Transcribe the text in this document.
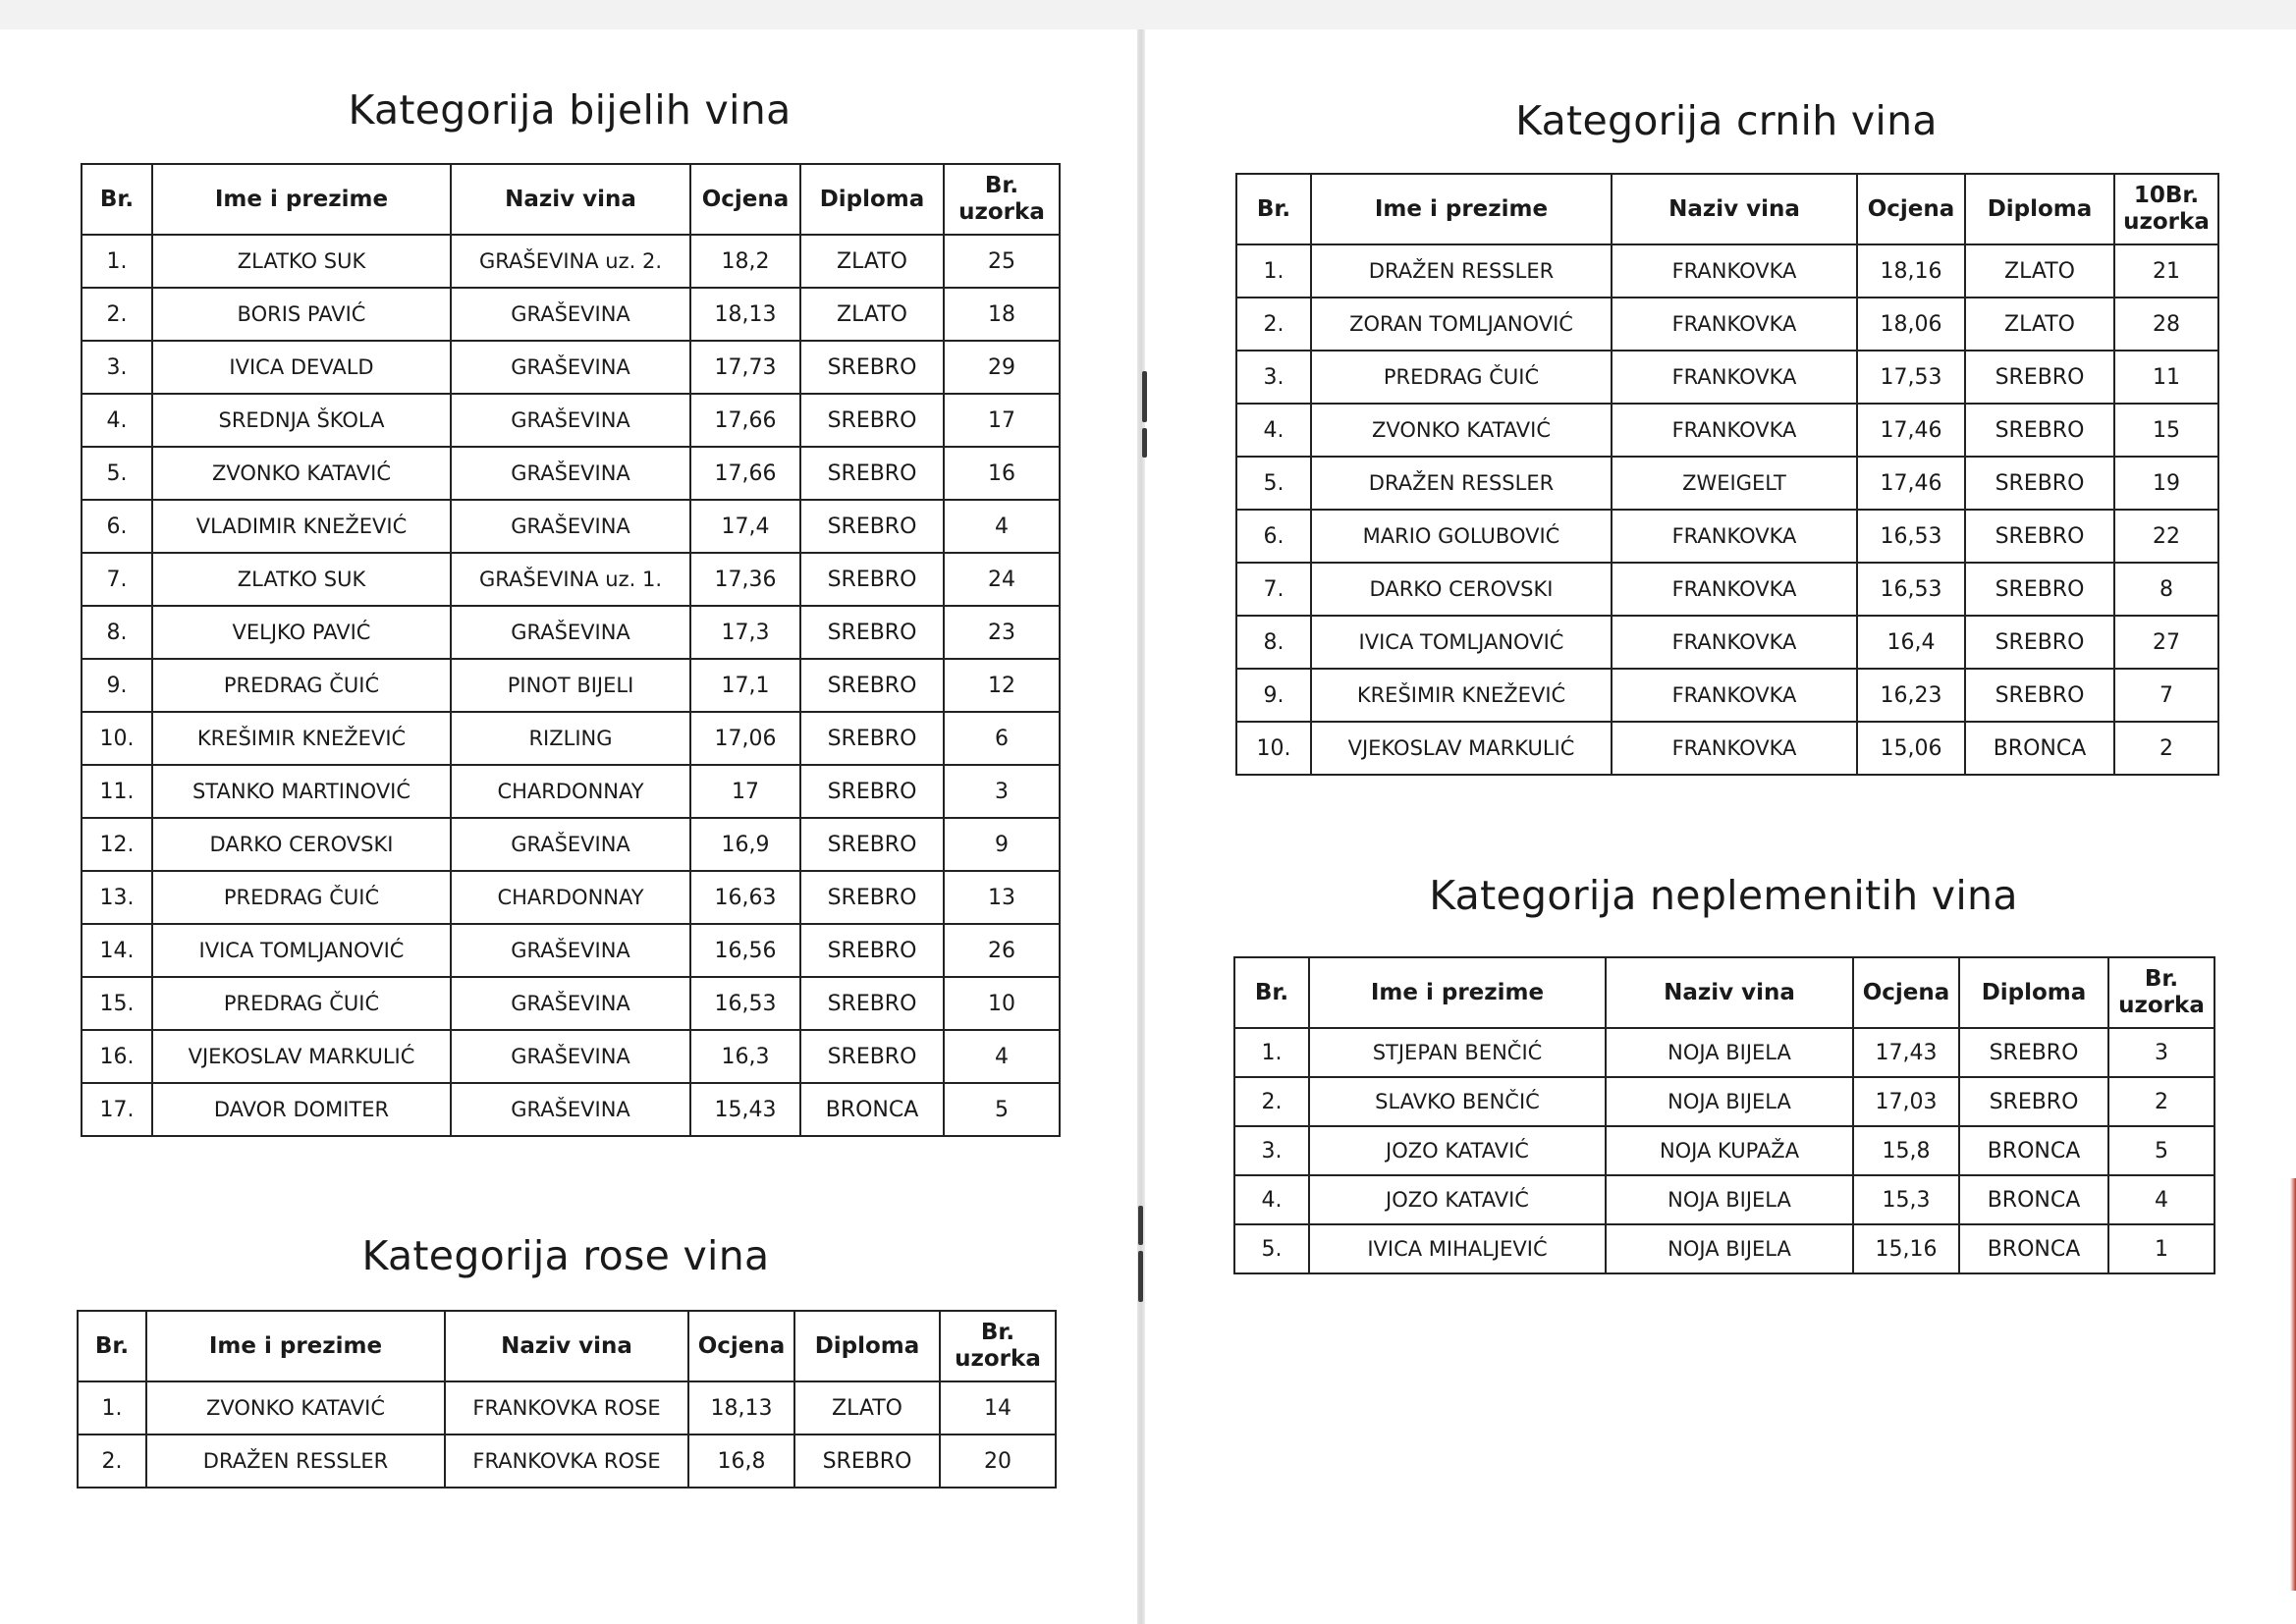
Kategorija bijelih vina
Br.	Ime i prezime	Naziv vina	Ocjena	Diploma	Br. uzorka
1.	ZLATKO SUK	GRAŠEVINA uz. 2.	18,2	ZLATO	25
2.	BORIS PAVIĆ	GRAŠEVINA	18,13	ZLATO	18
3.	IVICA DEVALD	GRAŠEVINA	17,73	SREBRO	29
4.	SREDNJA ŠKOLA	GRAŠEVINA	17,66	SREBRO	17
5.	ZVONKO KATAVIĆ	GRAŠEVINA	17,66	SREBRO	16
6.	VLADIMIR KNEŽEVIĆ	GRAŠEVINA	17,4	SREBRO	4
7.	ZLATKO SUK	GRAŠEVINA uz. 1.	17,36	SREBRO	24
8.	VELJKO PAVIĆ	GRAŠEVINA	17,3	SREBRO	23
9.	PREDRAG ČUIĆ	PINOT BIJELI	17,1	SREBRO	12
10.	KREŠIMIR KNEŽEVIĆ	RIZLING	17,06	SREBRO	6
11.	STANKO MARTINOVIĆ	CHARDONNAY	17	SREBRO	3
12.	DARKO CEROVSKI	GRAŠEVINA	16,9	SREBRO	9
13.	PREDRAG ČUIĆ	CHARDONNAY	16,63	SREBRO	13
14.	IVICA TOMLJANOVIĆ	GRAŠEVINA	16,56	SREBRO	26
15.	PREDRAG ČUIĆ	GRAŠEVINA	16,53	SREBRO	10
16.	VJEKOSLAV MARKULIĆ	GRAŠEVINA	16,3	SREBRO	4
17.	DAVOR DOMITER	GRAŠEVINA	15,43	BRONCA	5
Kategorija rose vina
Br.	Ime i prezime	Naziv vina	Ocjena	Diploma	Br. uzorka
1.	ZVONKO KATAVIĆ	FRANKOVKA ROSE	18,13	ZLATO	14
2.	DRAŽEN RESSLER	FRANKOVKA ROSE	16,8	SREBRO	20
Kategorija crnih vina
Br.	Ime i prezime	Naziv vina	Ocjena	Diploma	10Br. uzorka
1.	DRAŽEN RESSLER	FRANKOVKA	18,16	ZLATO	21
2.	ZORAN TOMLJANOVIĆ	FRANKOVKA	18,06	ZLATO	28
3.	PREDRAG ČUIĆ	FRANKOVKA	17,53	SREBRO	11
4.	ZVONKO KATAVIĆ	FRANKOVKA	17,46	SREBRO	15
5.	DRAŽEN RESSLER	ZWEIGELT	17,46	SREBRO	19
6.	MARIO GOLUBOVIĆ	FRANKOVKA	16,53	SREBRO	22
7.	DARKO CEROVSKI	FRANKOVKA	16,53	SREBRO	8
8.	IVICA TOMLJANOVIĆ	FRANKOVKA	16,4	SREBRO	27
9.	KREŠIMIR KNEŽEVIĆ	FRANKOVKA	16,23	SREBRO	7
10.	VJEKOSLAV MARKULIĆ	FRANKOVKA	15,06	BRONCA	2
Kategorija neplemenitih vina
Br.	Ime i prezime	Naziv vina	Ocjena	Diploma	Br. uzorka
1.	STJEPAN BENČIĆ	NOJA BIJELA	17,43	SREBRO	3
2.	SLAVKO BENČIĆ	NOJA BIJELA	17,03	SREBRO	2
3.	JOZO KATAVIĆ	NOJA KUPAŽA	15,8	BRONCA	5
4.	JOZO KATAVIĆ	NOJA BIJELA	15,3	BRONCA	4
5.	IVICA MIHALJEVIĆ	NOJA BIJELA	15,16	BRONCA	1
